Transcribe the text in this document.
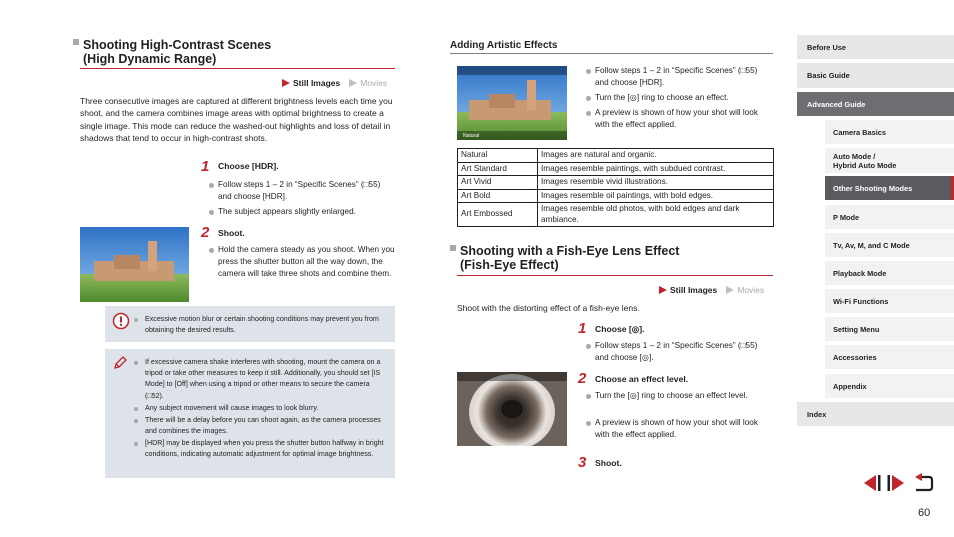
Shooting High-Contrast Scenes
(High Dynamic Range)
Still Images Movies
Three consecutive images are captured at different brightness levels each time you shoot, and the camera combines image areas with optimal brightness to create a single image. This mode can reduce the washed-out highlights and loss of detail in shadows that tend to occur in high-contrast shots.
1 Choose [HDR].
Follow steps 1 – 2 in “Specific Scenes” (□55) and choose [HDR].
The subject appears slightly enlarged.
2 Shoot.
Hold the camera steady as you shoot. When you press the shutter button all the way down, the camera will take three shots and combine them.
Excessive motion blur or certain shooting conditions may prevent you from obtaining the desired results.
If excessive camera shake interferes with shooting, mount the camera on a tripod or take other measures to keep it still. Additionally, you should set [IS Mode] to [Off] when using a tripod or other means to secure the camera (□52).
Any subject movement will cause images to look blurry.
There will be a delay before you can shoot again, as the camera processes and combines the images.
[HDR] may be displayed when you press the shutter button halfway in bright conditions, indicating automatic adjustment for optimal image brightness.
Adding Artistic Effects
Natural
Follow steps 1 – 2 in “Specific Scenes” (□55) and choose [HDR].
Turn the [◎] ring to choose an effect.
A preview is shown of how your shot will look with the effect applied.
Natural	Images are natural and organic.
Art Standard	Images resemble paintings, with subdued contrast.
Art Vivid	Images resemble vivid illustrations.
Art Bold	Images resemble oil paintings, with bold edges.
Art Embossed	Images resemble old photos, with bold edges and dark ambiance.
Shooting with a Fish-Eye Lens Effect
(Fish-Eye Effect)
Still Images Movies
Shoot with the distorting effect of a fish-eye lens.
1 Choose [◎].
Follow steps 1 – 2 in “Specific Scenes” (□55) and choose [◎].
2 Choose an effect level.
Turn the [◎] ring to choose an effect level.
A preview is shown of how your shot will look with the effect applied.
3 Shoot.
Before Use
Basic Guide
Advanced Guide
Camera Basics
Auto Mode /
Hybrid Auto Mode
Other Shooting Modes
P Mode
Tv, Av, M, and C Mode
Playback Mode
Wi-Fi Functions
Setting Menu
Accessories
Appendix
Index
60
